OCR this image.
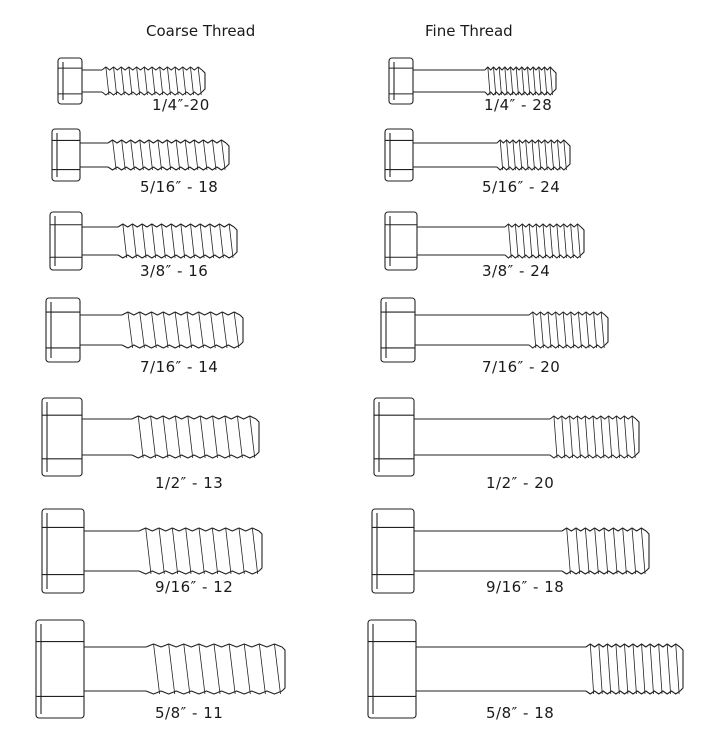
Coarse Thread	Fine Thread
1/4″-20
5/16″ - 18
3/8″ - 16
7/16″ - 14
1/2″ - 13
9/16″ - 12
5/8″ - 11
1/4″ - 28
5/16″ - 24
3/8″ - 24
7/16″ - 20
1/2″ - 20
9/16″ - 18
5/8″ - 18
